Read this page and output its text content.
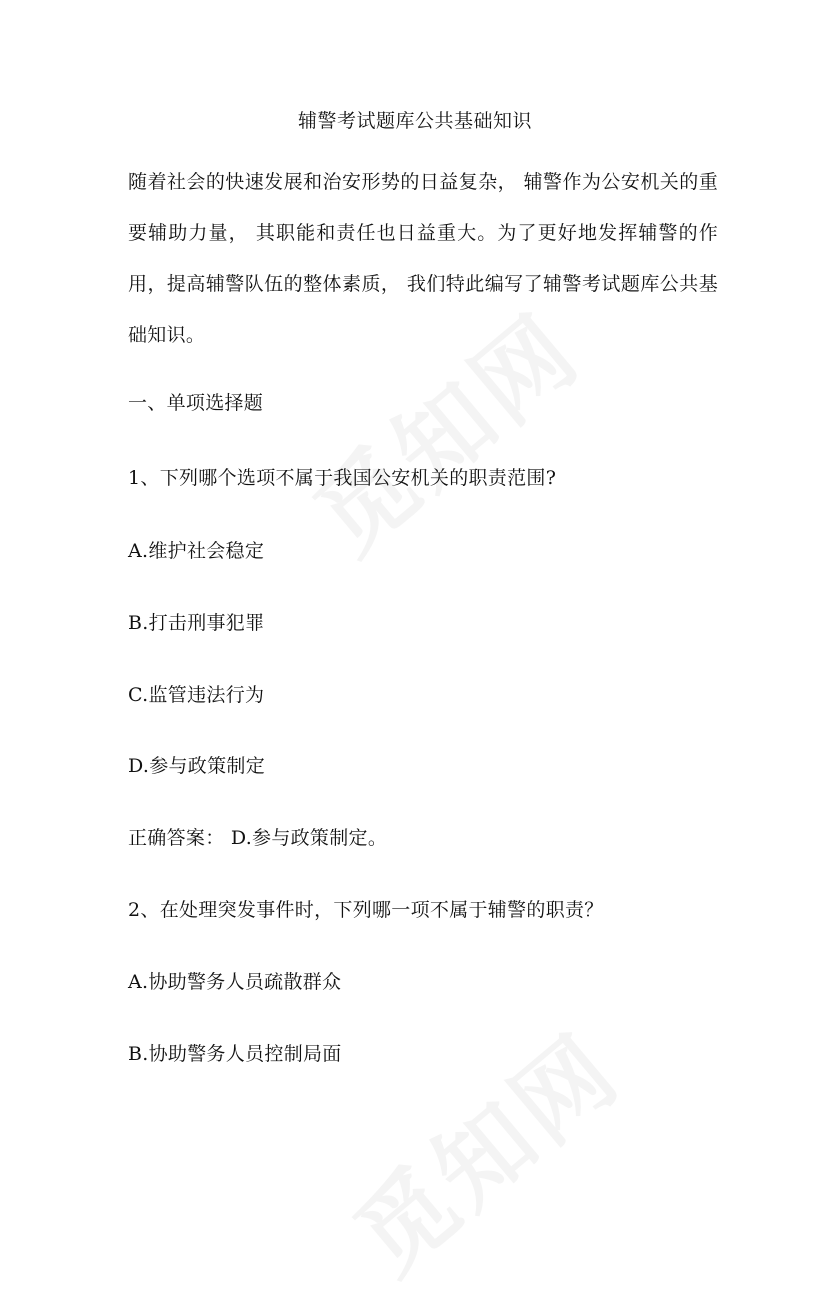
辅警考试题库公共基础知识
随着社会的快速发展和治安形势的日益复杂， 辅警作为公安机关的重要辅助力量， 其职能和责任也日益重大。为了更好地发挥辅警的作用，提高辅警队伍的整体素质， 我们特此编写了辅警考试题库公共基础知识。
一、单项选择题
1、下列哪个选项不属于我国公安机关的职责范围?
A.维护社会稳定
B.打击刑事犯罪
C.监管违法行为
D.参与政策制定
正确答案： D.参与政策制定。
2、在处理突发事件时，下列哪一项不属于辅警的职责？
A.协助警务人员疏散群众
B.协助警务人员控制局面
